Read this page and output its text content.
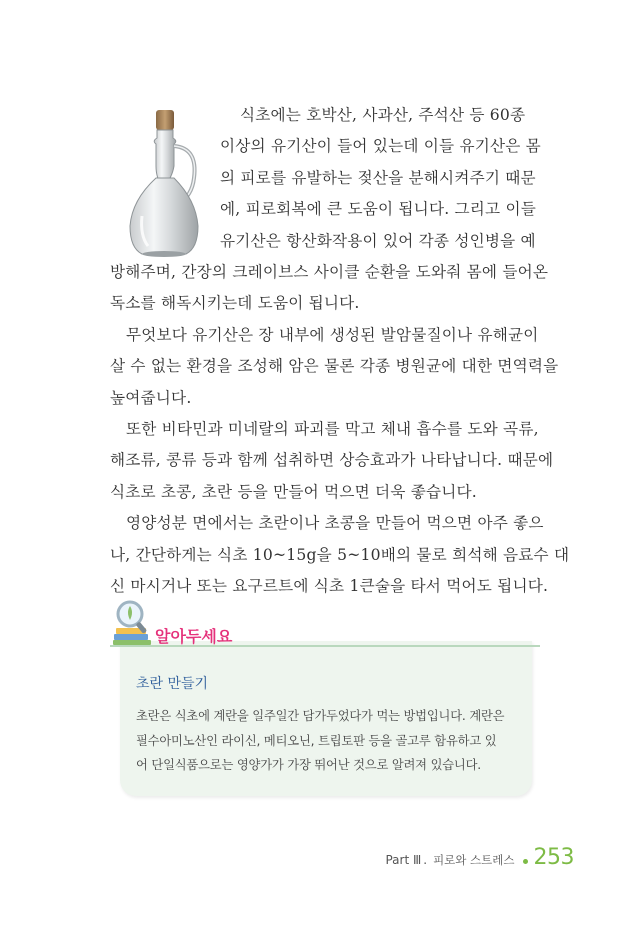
식초에는 호박산, 사과산, 주석산 등 60종
이상의 유기산이 들어 있는데 이들 유기산은 몸
의 피로를 유발하는 젖산을 분해시켜주기 때문
에, 피로회복에 큰 도움이 됩니다. 그리고 이들
유기산은 항산화작용이 있어 각종 성인병을 예
방해주며, 간장의 크레이브스 사이클 순환을 도와줘 몸에 들어온
독소를 해독시키는데 도움이 됩니다.
무엇보다 유기산은 장 내부에 생성된 발암물질이나 유해균이
살 수 없는 환경을 조성해 암은 물론 각종 병원균에 대한 면역력을
높여줍니다.
또한 비타민과 미네랄의 파괴를 막고 체내 흡수를 도와 곡류,
해조류, 콩류 등과 함께 섭취하면 상승효과가 나타납니다. 때문에
식초로 초콩, 초란 등을 만들어 먹으면 더욱 좋습니다.
영양성분 면에서는 초란이나 초콩을 만들어 먹으면 아주 좋으
나, 간단하게는 식초 10~15g을 5~10배의 물로 희석해 음료수 대
신 마시거나 또는 요구르트에 식초 1큰술을 타서 먹어도 됩니다.
알아두세요
초란 만들기
초란은 식초에 계란을 일주일간 담가두었다가 먹는 방법입니다. 계란은
필수아미노산인 라이신, 메티오닌, 트립토판 등을 골고루 함유하고 있
어 단일식품으로는 영양가가 가장 뛰어난 것으로 알려져 있습니다.
Part Ⅲ . 피로와 스트레스 253
